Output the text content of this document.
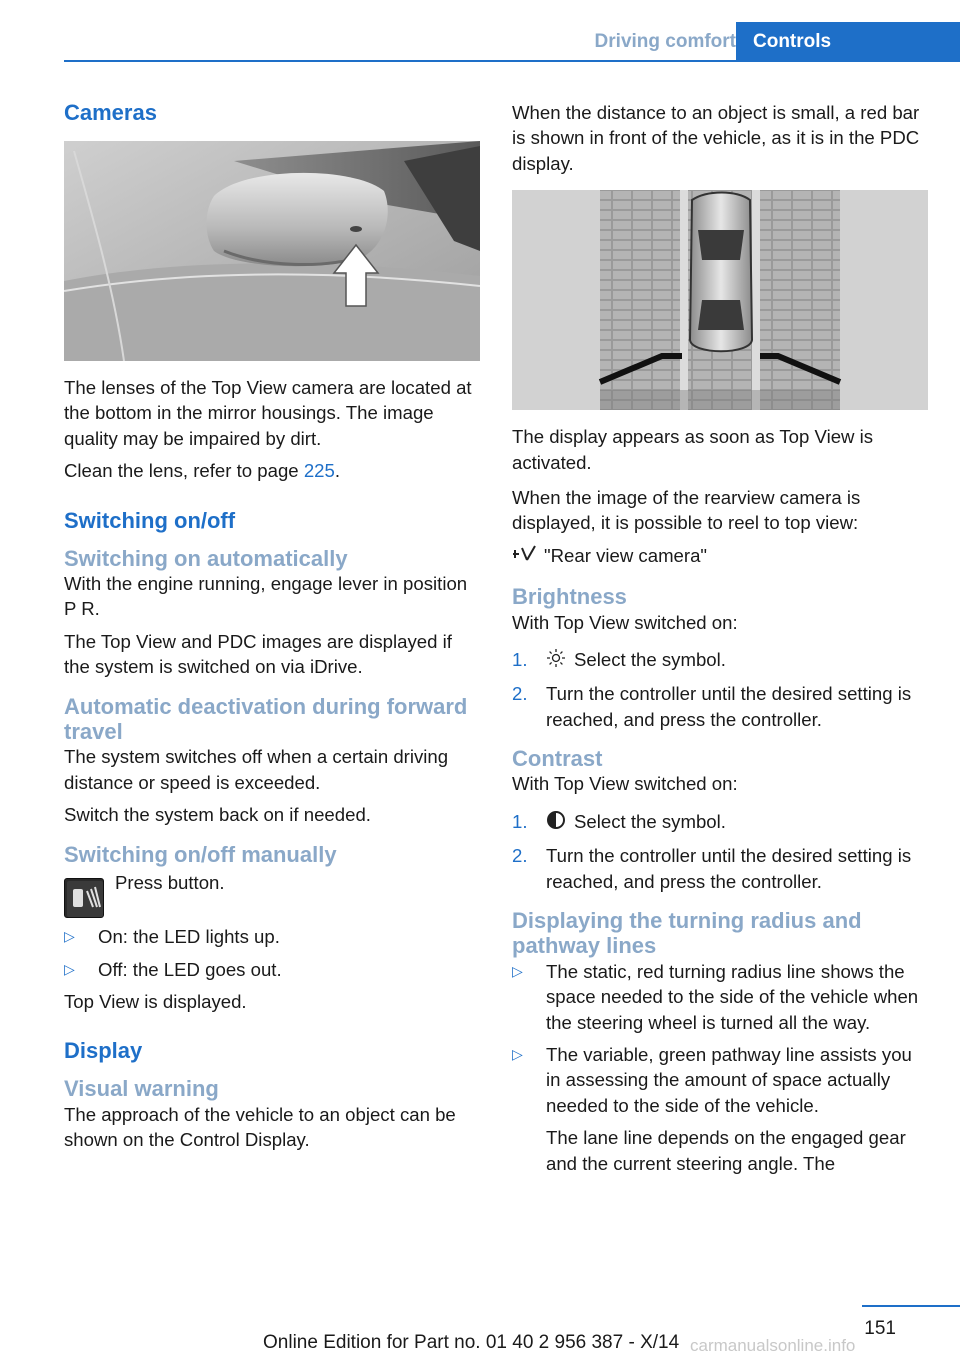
Driving comfort Controls
Cameras

The lenses of the Top View camera are located at the bottom in the mirror housings. The image quality may be impaired by dirt.

Clean the lens, refer to page 225.

Switching on/off
Switching on automatically

With the engine running, engage lever in position P R.

The Top View and PDC images are displayed if the system is switched on via iDrive.

Automatic deactivation during forward travel

The system switches off when a certain driving distance or speed is exceeded.

Switch the system back on if needed.

Switching on/off manually

Press button.

▷	On: the LED lights up.
▷	Off: the LED goes out.

Top View is displayed.

Display
Visual warning

The approach of the vehicle to an object can be shown on the Control Display.

When the distance to an object is small, a red bar is shown in front of the vehicle, as it is in the PDC display.

The display appears as soon as Top View is activated.

When the image of the rearview camera is displayed, it is possible to reel to top view:

"Rear view camera"

Brightness

With Top View switched on:

1. Select the symbol.
2. Turn the controller until the desired setting is reached, and press the controller.
Contrast

With Top View switched on:

1. Select the symbol.
2. Turn the controller until the desired setting is reached, and press the controller.
Displaying the turning radius and pathway lines
▷	The static, red turning radius line shows the space needed to the side of the vehicle when the steering wheel is turned all the way.
▷	The variable, green pathway line assists you in assessing the amount of space actually needed to the side of the vehicle.
The lane line depends on the engaged gear and the current steering angle. The
151
Online Edition for Part no. 01 40 2 956 387 - X/14 carmanualsonline.info
